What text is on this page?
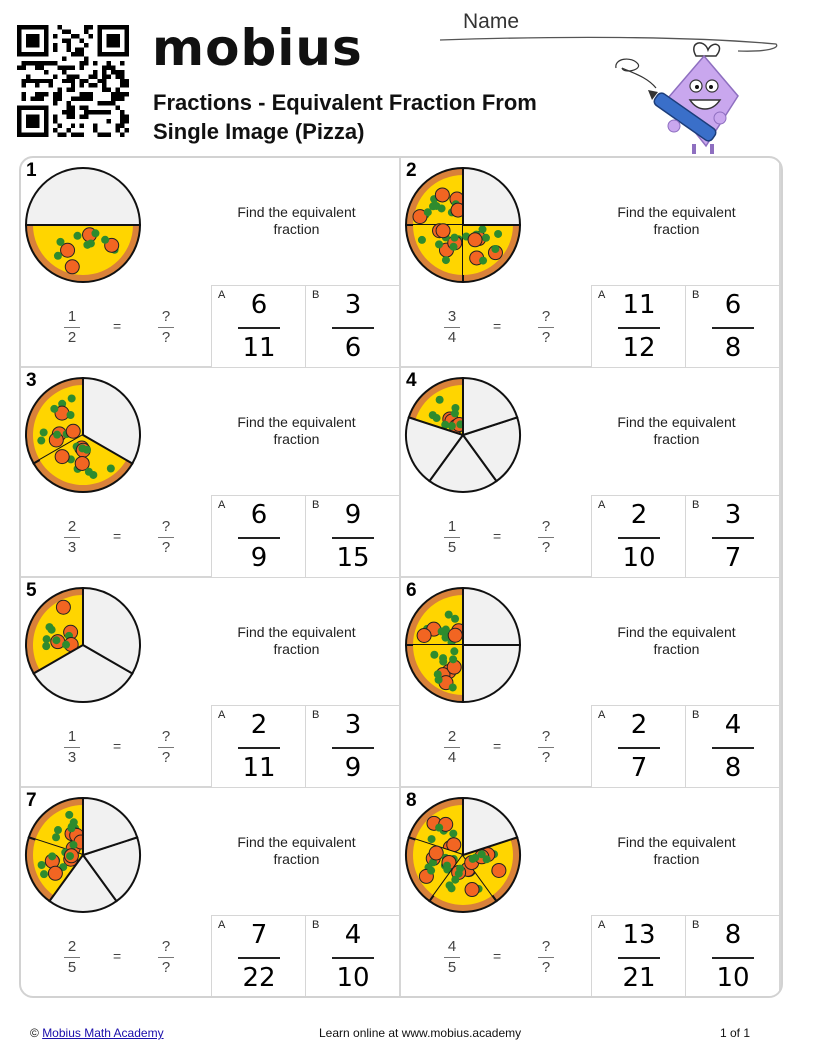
mobius
Fractions - Equivalent Fraction From
Single Image (Pizza)
Name
1
Find the equivalent fraction
1
2
=
?
?
A 6
11
B 3
6
2
Find the equivalent fraction
3
4
=
?
?
A 11
12
B 6
8
3
Find the equivalent fraction
2
3
=
?
?
A 6
9
B 9
15
4
Find the equivalent fraction
1
5
=
?
?
A 2
10
B 3
7
5
Find the equivalent fraction
1
3
=
?
?
A 2
11
B 3
9
6
Find the equivalent fraction
2
4
=
?
?
A 2
7
B 4
8
7
Find the equivalent fraction
2
5
=
?
?
A 7
22
B 4
10
8
Find the equivalent fraction
4
5
=
?
?
A 13
21
B 8
10
© Mobius Math Academy	Learn online at www.mobius.academy	1 of 1
